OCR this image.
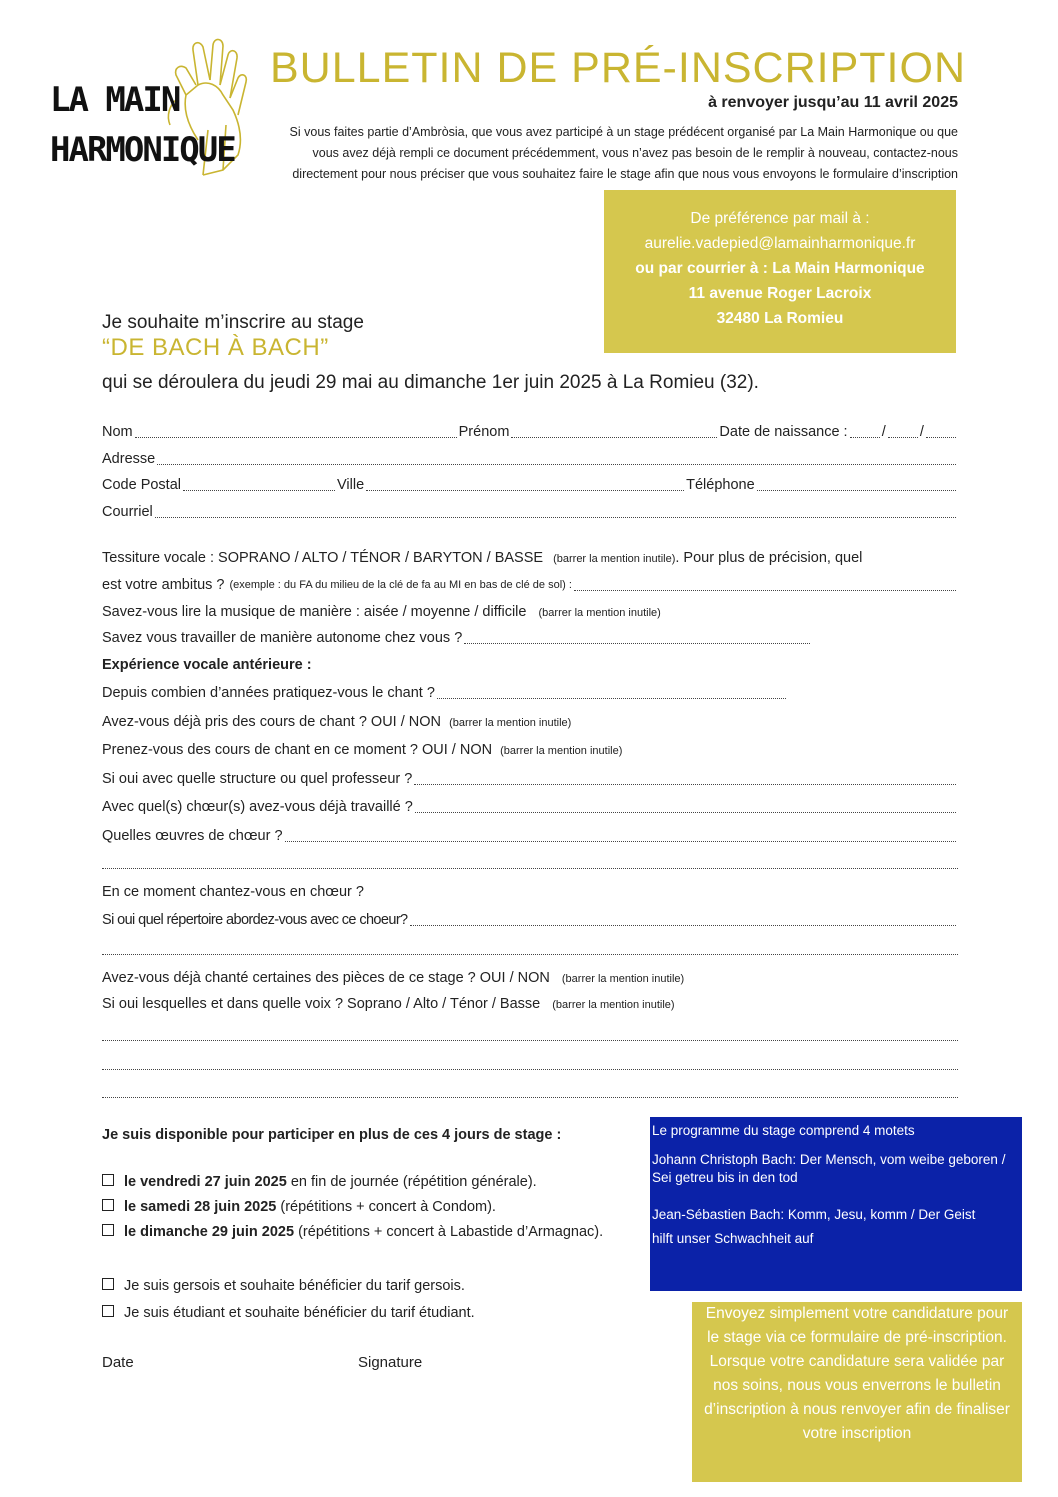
LA MAIN
HARMONIQUE
BULLETIN DE PRÉ-INSCRIPTION
à renvoyer jusqu’au 11 avril 2025
Si vous faites partie d’Ambròsia, que vous avez participé à un stage prédécent organisé par La Main Harmonique ou que
vous avez déjà rempli ce document précédemment, vous n’avez pas besoin de le remplir à nouveau, contactez-nous
directement pour nous préciser que vous souhaitez faire le stage afin que nous vous envoyons le formulaire d’inscription
De préférence par mail à :
aurelie.vadepied@lamainharmonique.fr
ou par courrier à : La Main Harmonique
11 avenue Roger Lacroix
32480 La Romieu
Je souhaite m’inscrire au stage
“DE BACH À BACH”
qui se déroulera du jeudi 29 mai au dimanche 1er juin 2025 à La Romieu (32).
Nom	Prénom	Date de naissance : / /
Adresse
Code Postal	Ville	Téléphone
Courriel
Tessiture vocale : SOPRANO / ALTO / TÉNOR / BARYTON / BASSE (barrer la mention inutile). Pour plus de précision, quel
est votre ambitus ? (exemple : du FA du milieu de la clé de fa au MI en bas de clé de sol) :
Savez-vous lire la musique de manière : aisée / moyenne / difficile (barrer la mention inutile)
Savez vous travailler de manière autonome chez vous ?
Expérience vocale antérieure :
Depuis combien d’années pratiquez-vous le chant ?
Avez-vous déjà pris des cours de chant ? OUI / NON (barrer la mention inutile)
Prenez-vous des cours de chant en ce moment ? OUI / NON (barrer la mention inutile)
Si oui avec quelle structure ou quel professeur ?
Avec quel(s) chœur(s) avez-vous déjà travaillé ?
Quelles œuvres de chœur ?
En ce moment chantez-vous en chœur ?
Si oui quel répertoire abordez-vous avec ce choeur?
Avez-vous déjà chanté certaines des pièces de ce stage ? OUI / NON (barrer la mention inutile)
Si oui lesquelles et dans quelle voix ? Soprano / Alto / Ténor / Basse (barrer la mention inutile)
Je suis disponible pour participer en plus de ces 4 jours de stage :
le vendredi 27 juin 2025 en fin de journée (répétition générale).
le samedi 28 juin 2025 (répétitions + concert à Condom).
le dimanche 29 juin 2025 (répétitions + concert à Labastide d’Armagnac).
Je suis gersois et souhaite bénéficier du tarif gersois.
Je suis étudiant et souhaite bénéficier du tarif étudiant.
Date	Signature
Le programme du stage comprend 4 motets
Johann Christoph Bach: Der Mensch, vom weibe geboren /
Sei getreu bis in den tod
Jean-Sébastien Bach: Komm, Jesu, komm / Der Geist
hilft unser Schwachheit auf
Envoyez simplement votre candidature pour le stage via ce formulaire de pré-inscription. Lorsque votre candidature sera validée par nos soins, nous vous enverrons le bulletin d’inscription à nous renvoyer afin de finaliser votre inscription
